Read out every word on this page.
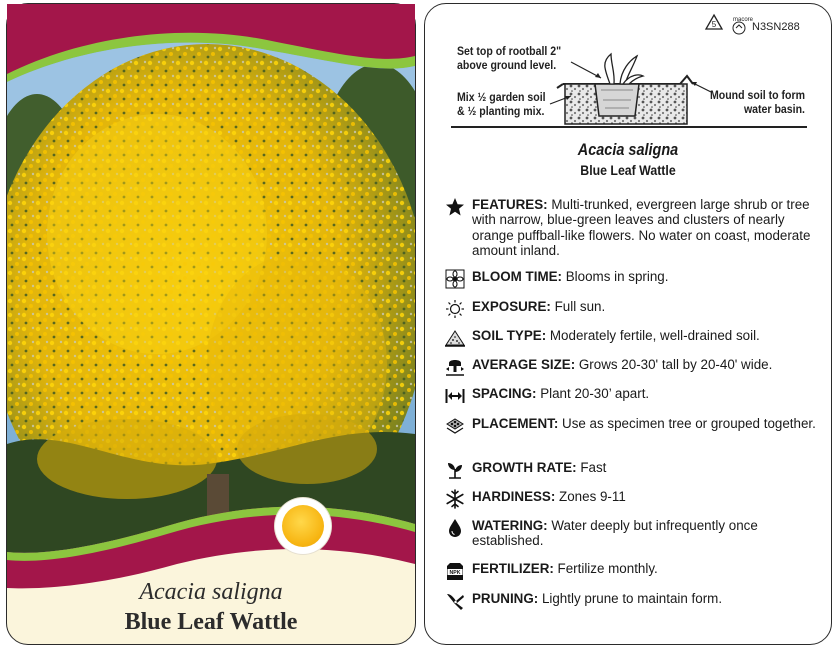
Acacia saligna
Blue Leaf Wattle
5	macore
N3SN288
Set top of rootball 2"
above ground level.
Mix ½ garden soil
& ½ planting mix.
Mound soil to form
water basin.
Acacia saligna
Blue Leaf Wattle
FEATURES: Multi-trunked, evergreen large shrub or tree with narrow, blue-green leaves and clusters of nearly orange puffball-like flowers. No water on coast, moderate amount inland.
BLOOM TIME: Blooms in spring.
EXPOSURE: Full sun.
SOIL TYPE: Moderately fertile, well-drained soil.
AVERAGE SIZE: Grows 20-30' tall by 20-40' wide.
SPACING: Plant 20-30’ apart.
PLACEMENT: Use as specimen tree or grouped together.
GROWTH RATE: Fast
HARDINESS: Zones 9-11
WATERING: Water deeply but infrequently once established.
NPK FERTILIZER: Fertilize monthly.
PRUNING: Lightly prune to maintain form.
